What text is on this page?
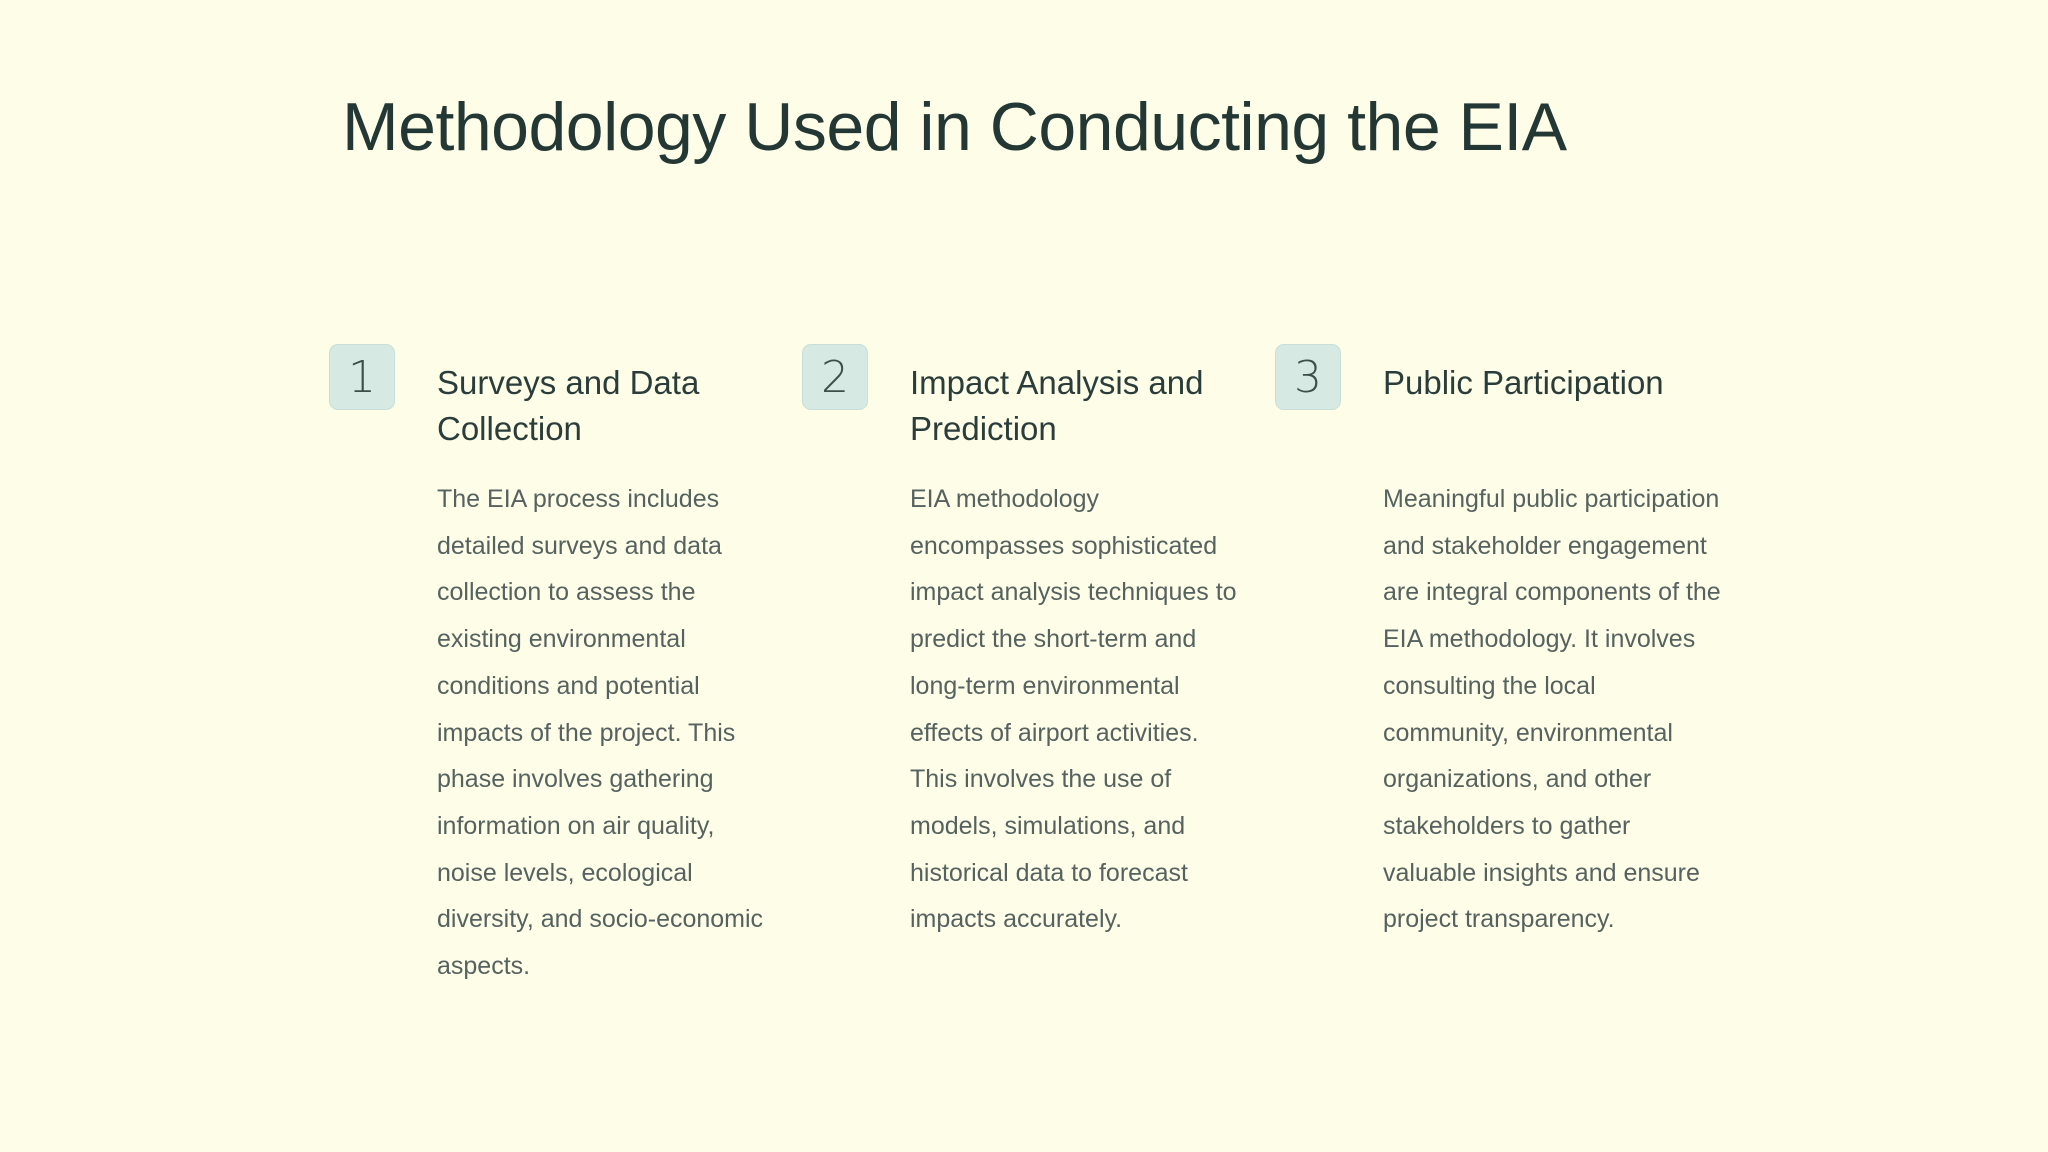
Methodology Used in Conducting the EIA
1	Surveys and Data Collection

The EIA process includes detailed surveys and data collection to assess the existing environmental conditions and potential impacts of the project. This phase involves gathering information on air quality, noise levels, ecological diversity, and socio-economic aspects.

2	Impact Analysis and Prediction

EIA methodology encompasses sophisticated impact analysis techniques to predict the short-term and long-term environmental effects of airport activities. This involves the use of models, simulations, and historical data to forecast impacts accurately.

3	Public Participation

Meaningful public participation and stakeholder engagement are integral components of the EIA methodology. It involves consulting the local community, environmental organizations, and other stakeholders to gather valuable insights and ensure project transparency.
